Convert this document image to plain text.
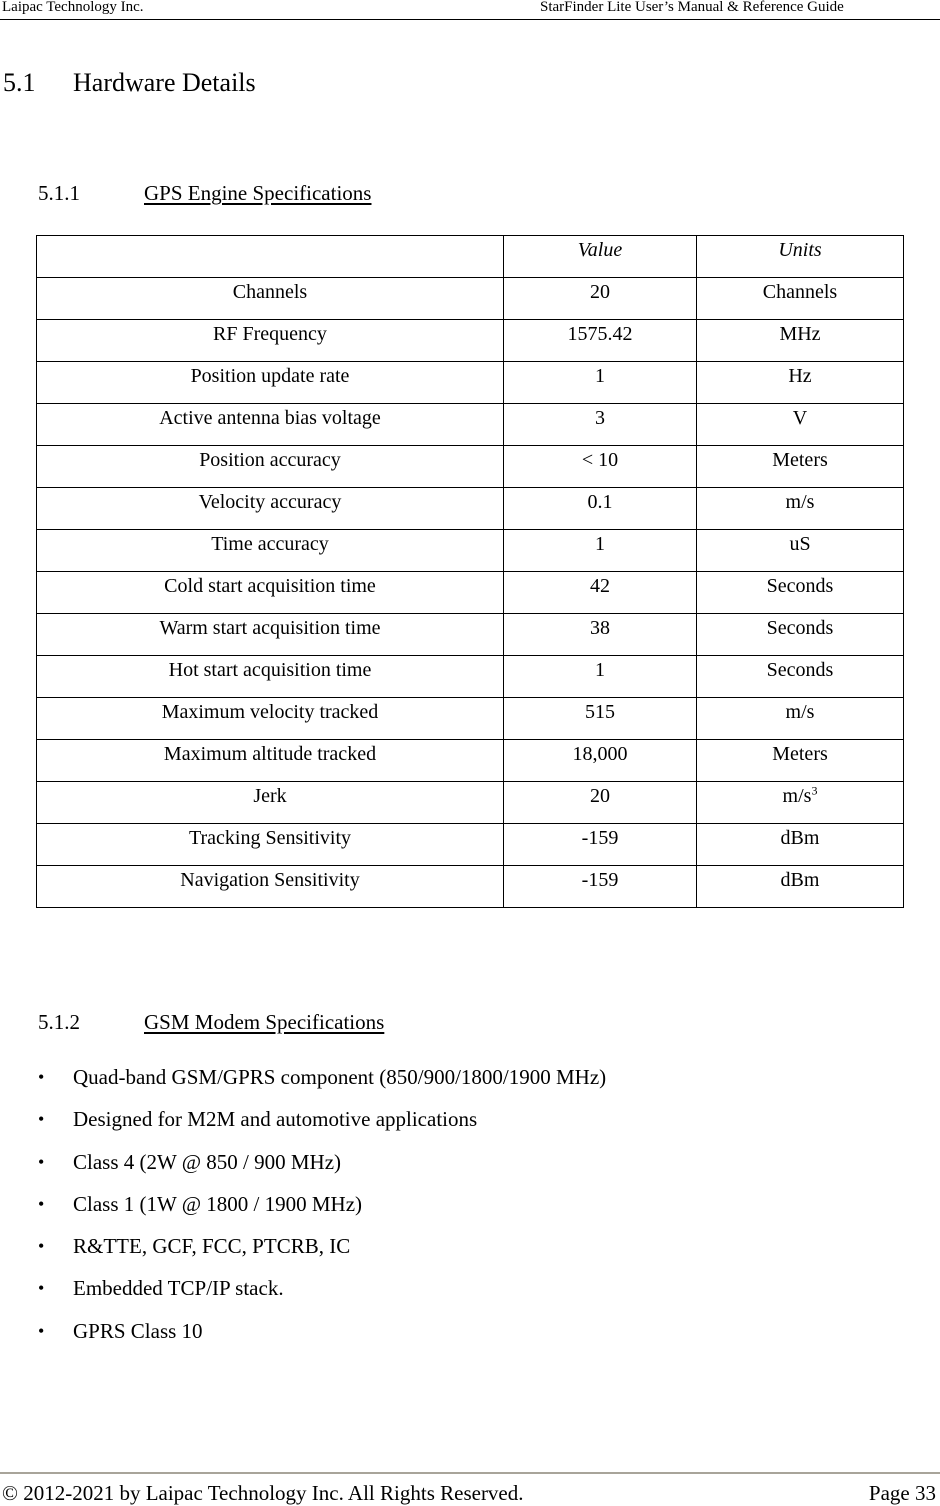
Laipac Technology Inc.	StarFinder Lite User’s Manual & Reference Guide
5.1 Hardware Details
5.1.1	GPS Engine Specifications
	Value	Units
Channels	20	Channels
RF Frequency	1575.42	MHz
Position update rate	1	Hz
Active antenna bias voltage	3	V
Position accuracy	< 10	Meters
Velocity accuracy	0.1	m/s
Time accuracy	1	uS
Cold start acquisition time	42	Seconds
Warm start acquisition time	38	Seconds
Hot start acquisition time	1	Seconds
Maximum velocity tracked	515	m/s
Maximum altitude tracked	18,000	Meters
Jerk	20	$m/s^3$
Tracking Sensitivity	-159	dBm
Navigation Sensitivity	-159	dBm
5.1.2	GSM Modem Specifications
• Quad-band GSM/GPRS component (850/900/1800/1900 MHz)
• Designed for M2M and automotive applications
• Class 4 (2W @ 850 / 900 MHz)
• Class 1 (1W @ 1800 / 1900 MHz)
• R&TTE, GCF, FCC, PTCRB, IC
• Embedded TCP/IP stack.
• GPRS Class 10
© 2012-2021 by Laipac Technology Inc. All Rights Reserved.	Page 33
